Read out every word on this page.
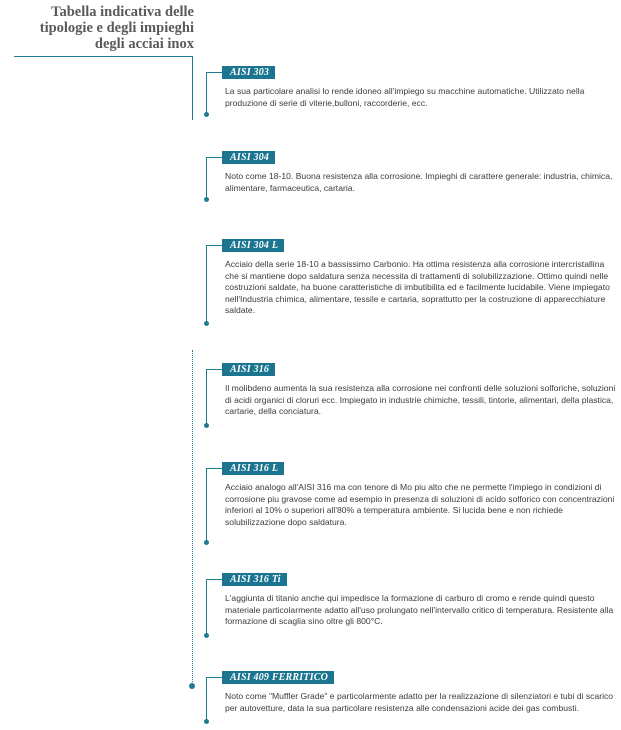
Tabella indicativa delle
tipologie e degli impieghi
degli acciai inox
AISI 303
La sua particolare analisi lo rende idoneo all'impiego su macchine automatiche. Utilizzato nella produzione di serie di viterie,bulloni, raccorderie, ecc.
AISI 304
Noto come 18-10. Buona resistenza alla corrosione. Impieghi di carattere generale: industria, chimica, alimentare, farmaceutica, cartaria.
AISI 304 L
Acciaio della serie 18-10 a bassissimo Carbonio. Ha ottima resistenza alla corrosione intercristallina che si mantiene dopo saldatura senza necessita di trattamenti di solubilizzazione. Ottimo quindi nelle costruzioni saldate, ha buone caratteristiche di imbutibilita ed e facilmente lucidabile. Viene impiegato nell'Industria chimica, alimentare, tessile e cartaria, soprattutto per la costruzione di apparecchiature saldate.
AISI 316
Il molibdeno aumenta la sua resistenza alla corrosione nei confronti delle soluzioni solforiche, soluzioni di acidi organici di cloruri ecc. Impiegato in industrie chimiche, tessili, tintorie, alimentari, della plastica, cartarie, della conciatura.
AISI 316 L
Acciaio analogo all'AISI 316 ma con tenore di Mo piu alto che ne permette l'impiego in condizioni di corrosione piu gravose come ad esempio in presenza di soluzioni di acido solforico con concentrazioni inferiori al 10% o superiori all'80% a temperatura ambiente. Si lucida bene e non richiede solubilizzazione dopo saldatura.
AISI 316 Ti
L'aggiunta di titanio anche qui impedisce la formazione di carburo di cromo e rende quindi questo materiale particolarmente adatto all'uso prolungato nell'intervallo critico di temperatura. Resistente alla formazione di scaglia sino oltre gli 800°C.
AISI 409 FERRITICO
Noto come "Muffler Grade" e particolarmente adatto per la realizzazione di silenziatori e tubi di scarico per autovetture, data la sua particolare resistenza alle condensazioni acide dei gas combusti.
